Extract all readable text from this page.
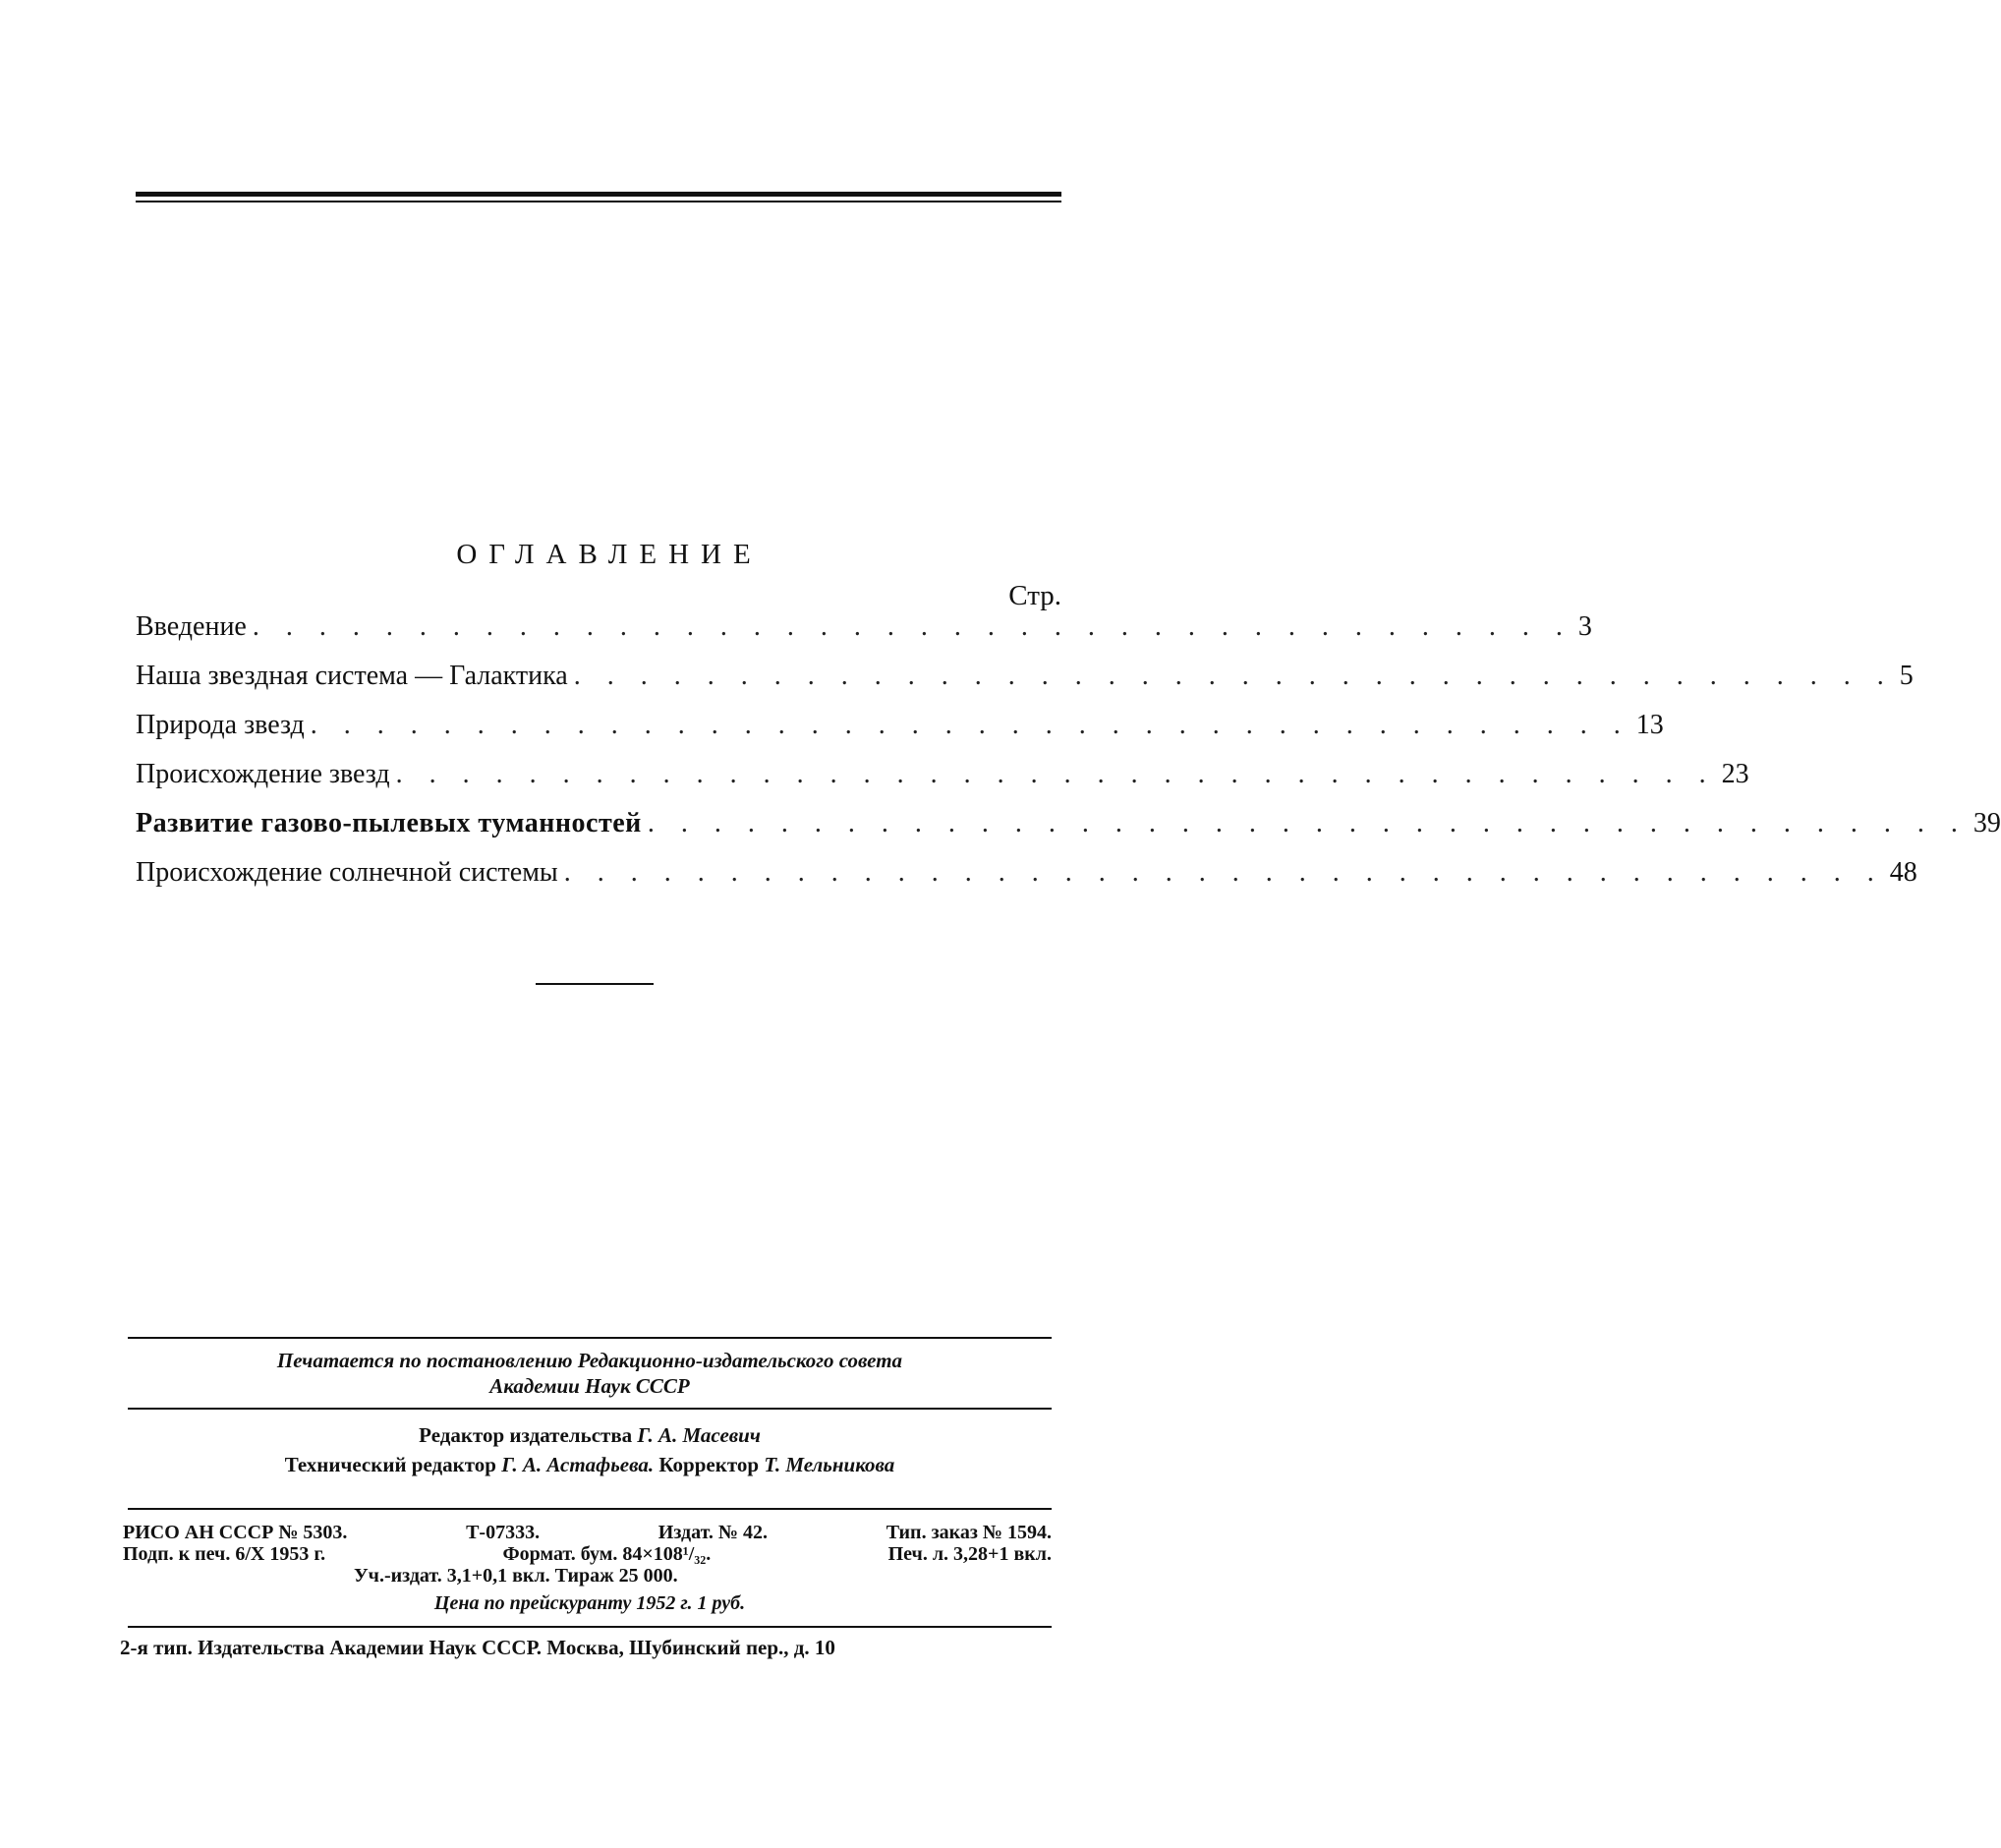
ОГЛАВЛЕНИЕ
Стр.
Введение . . . . . . . . . . . . . . . . . . . . . . . . . . . . . . . . . . . . . . . . 3
Наша звездная система — Галактика . . . . . . . . . . . . . . . . . . . . . . . . . . . . . . . . . . . . . . . . 5
Природа звезд . . . . . . . . . . . . . . . . . . . . . . . . . . . . . . . . . . . . . . . . 13
Происхождение звезд . . . . . . . . . . . . . . . . . . . . . . . . . . . . . . . . . . . . . . . . 23
Развитие газово-пылевых туманностей . . . . . . . . . . . . . . . . . . . . . . . . . . . . . . . . . . . . . . . . 39
Происхождение солнечной системы . . . . . . . . . . . . . . . . . . . . . . . . . . . . . . . . . . . . . . . . 48
Печатается по постановлению Редакционно-издательского совета
Академии Наук СССР
Редактор издательства Г. А. Масевич
Технический редактор Г. А. Астафьева. Корректор Т. Мельникова
РИСО АН СССР № 5303.	Т-07333.	Издат. № 42.	Тип. заказ № 1594.
Подп. к печ. 6/Х 1953 г.	Формат. бум. 84×108¹/₃₂.	Печ. л. 3,28+1 вкл.
Уч.-издат. 3,1+0,1 вкл. Тираж 25 000.
Цена по прейскуранту 1952 г. 1 руб.
2-я тип. Издательства Академии Наук СССР. Москва, Шубинский пер., д. 10
